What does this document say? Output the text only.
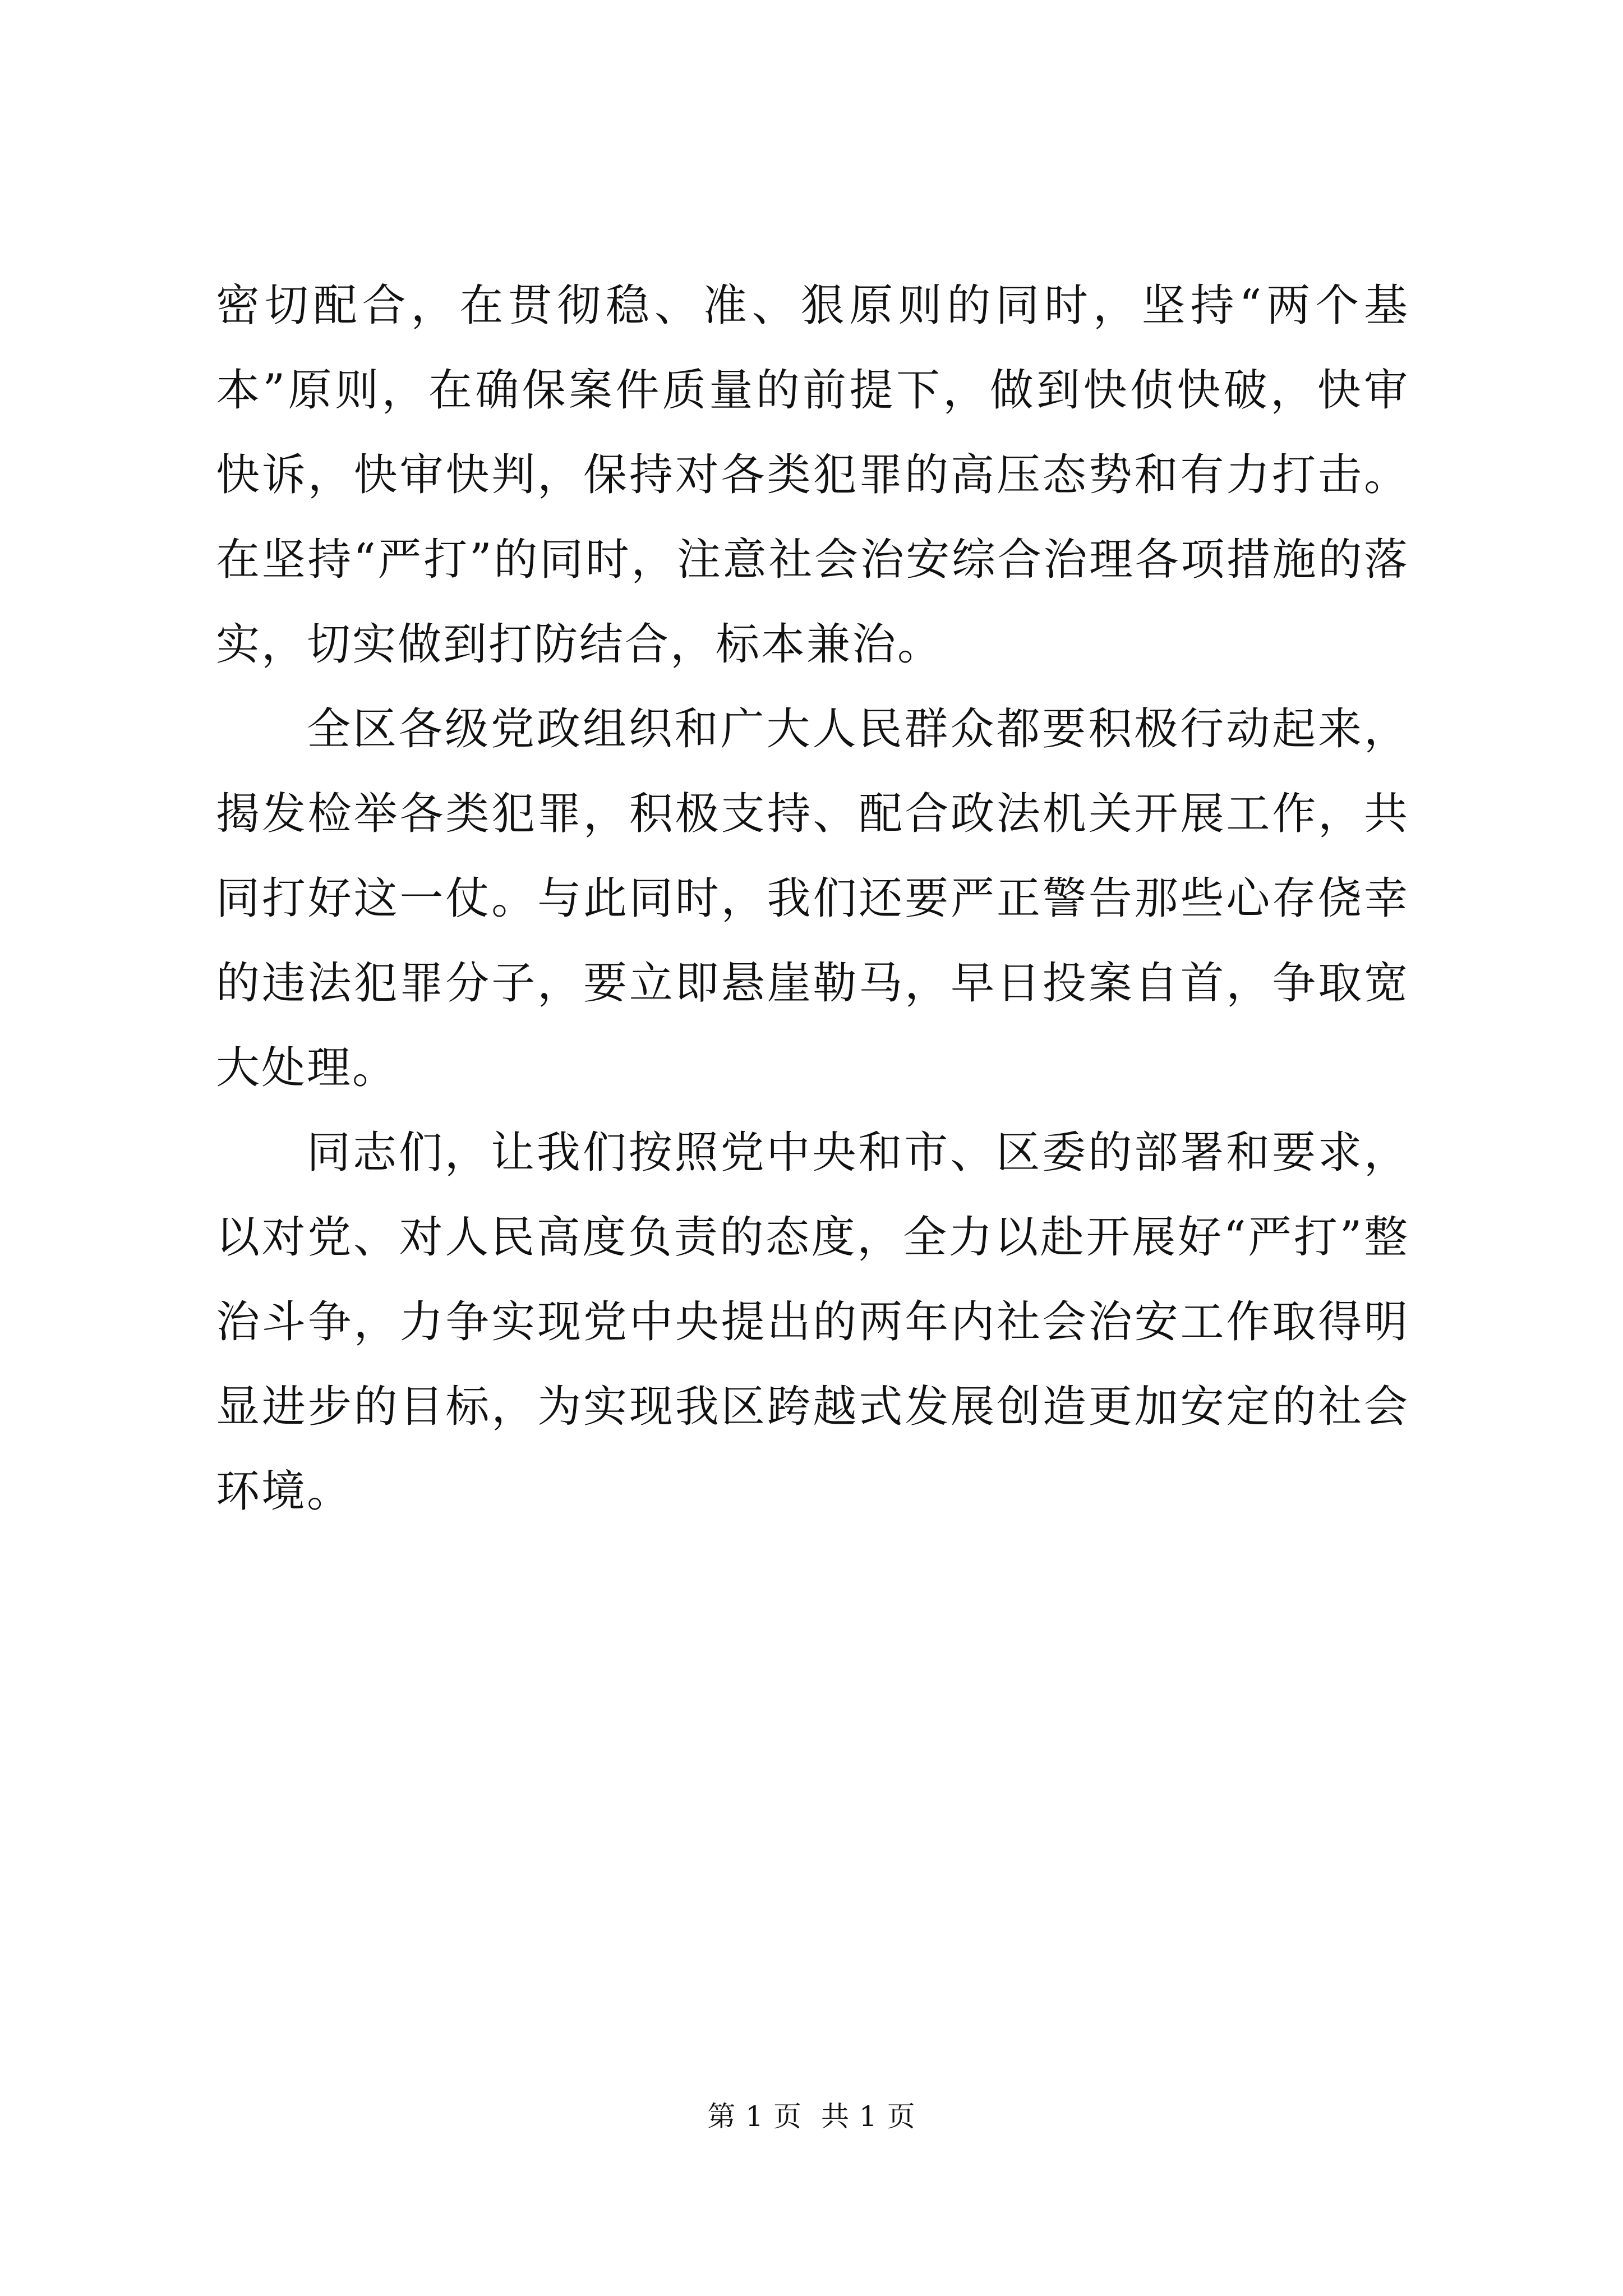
密切配合，在贯彻稳、准、狠原则的同时，坚持“两个基本”原则，在确保案件质量的前提下，做到快侦快破，快审快诉，快审快判，保持对各类犯罪的高压态势和有力打击。在坚持“严打”的同时，注意社会治安综合治理各项措施的落实，切实做到打防结合，标本兼治。

全区各级党政组织和广大人民群众都要积极行动起来，揭发检举各类犯罪，积极支持、配合政法机关开展工作，共同打好这一仗。与此同时，我们还要严正警告那些心存侥幸的违法犯罪分子，要立即悬崖勒马，早日投案自首，争取宽大处理。

同志们，让我们按照党中央和市、区委的部署和要求，以对党、对人民高度负责的态度，全力以赴开展好“严打”整治斗争，力争实现党中央提出的两年内社会治安工作取得明显进步的目标，为实现我区跨越式发展创造更加安定的社会环境。

第 1 页 共 1 页
